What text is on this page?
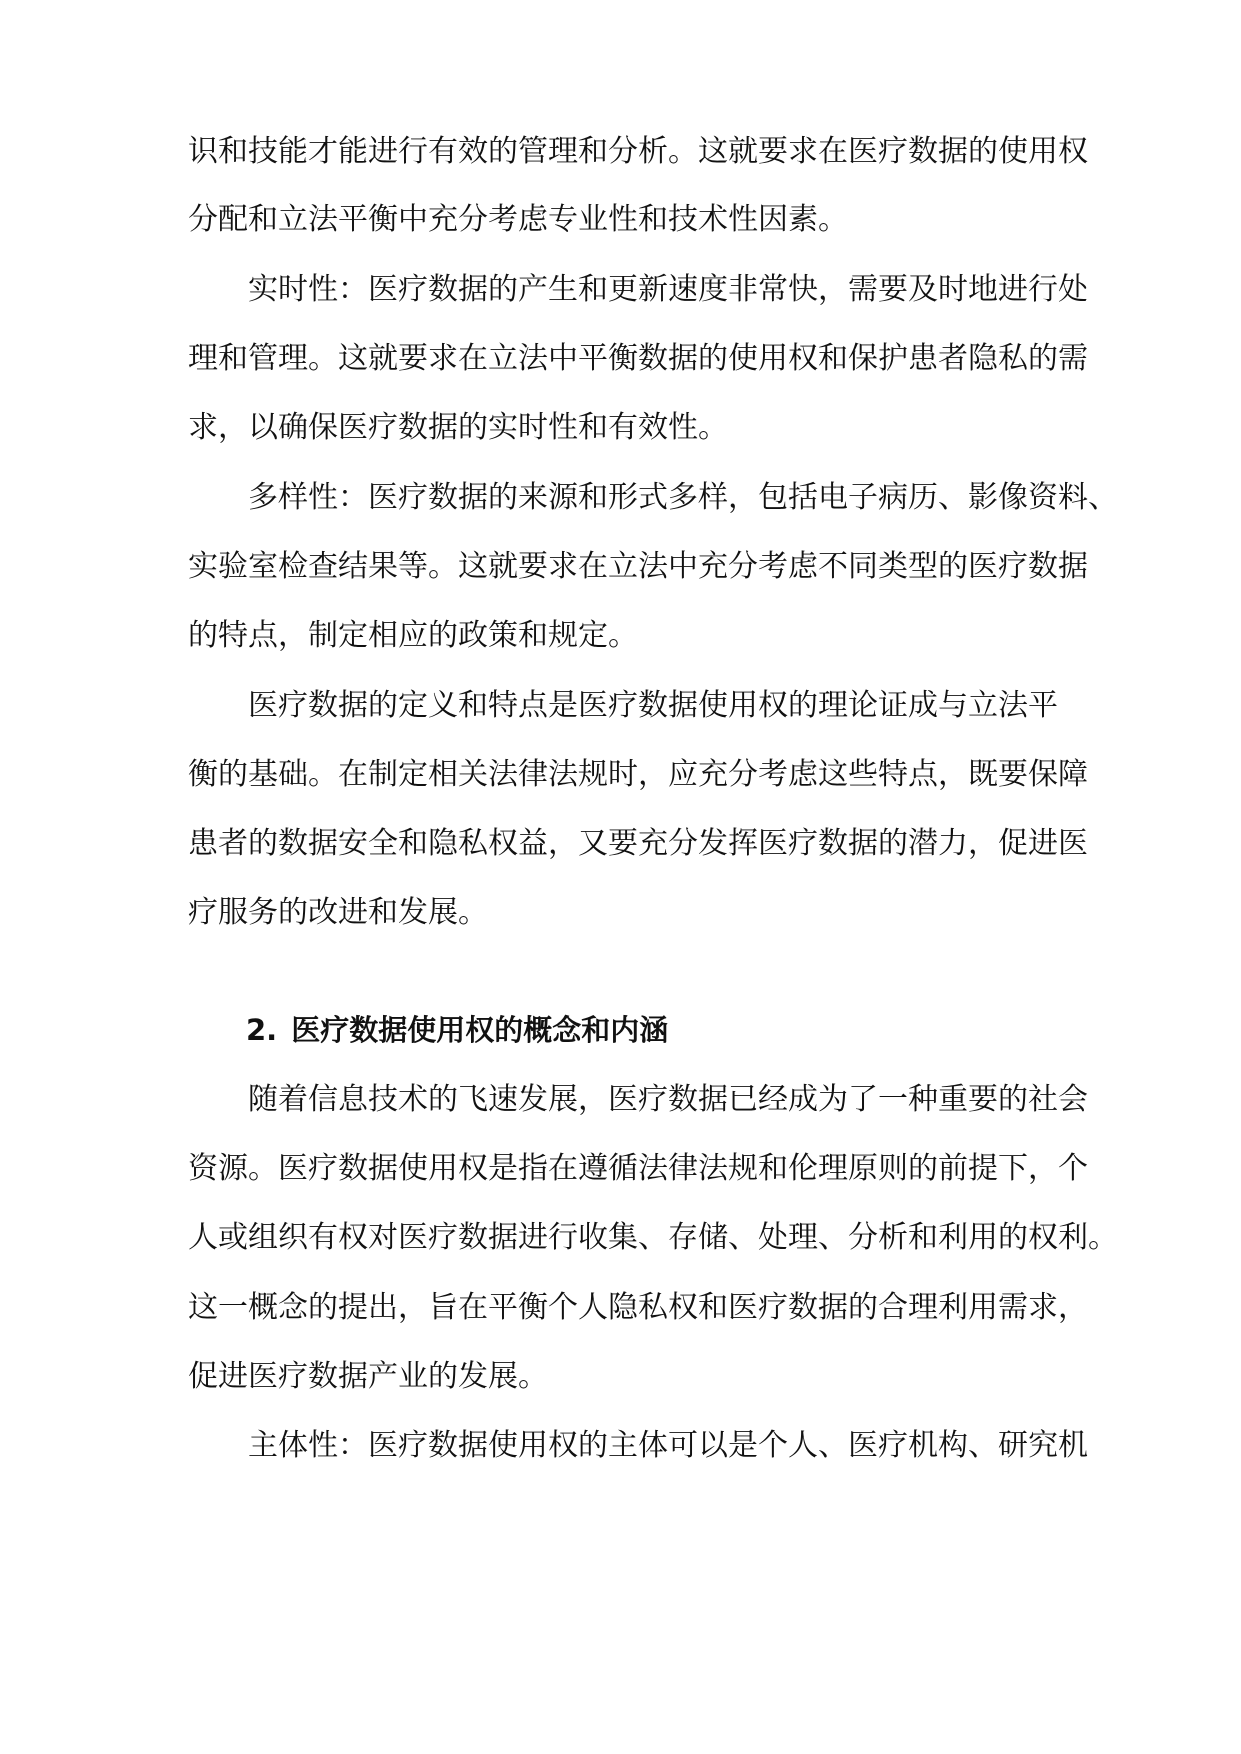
识和技能才能进行有效的管理和分析。这就要求在医疗数据的使用权
分配和立法平衡中充分考虑专业性和技术性因素。
实时性：医疗数据的产生和更新速度非常快，需要及时地进行处
理和管理。这就要求在立法中平衡数据的使用权和保护患者隐私的需
求，以确保医疗数据的实时性和有效性。
多样性：医疗数据的来源和形式多样，包括电子病历、影像资料、
实验室检查结果等。这就要求在立法中充分考虑不同类型的医疗数据
的特点，制定相应的政策和规定。
医疗数据的定义和特点是医疗数据使用权的理论证成与立法平
衡的基础。在制定相关法律法规时，应充分考虑这些特点，既要保障
患者的数据安全和隐私权益，又要充分发挥医疗数据的潜力，促进医
疗服务的改进和发展。
2. 医疗数据使用权的概念和内涵
随着信息技术的飞速发展，医疗数据已经成为了一种重要的社会
资源。医疗数据使用权是指在遵循法律法规和伦理原则的前提下，个
人或组织有权对医疗数据进行收集、存储、处理、分析和利用的权利。
这一概念的提出，旨在平衡个人隐私权和医疗数据的合理利用需求，
促进医疗数据产业的发展。
主体性：医疗数据使用权的主体可以是个人、医疗机构、研究机
